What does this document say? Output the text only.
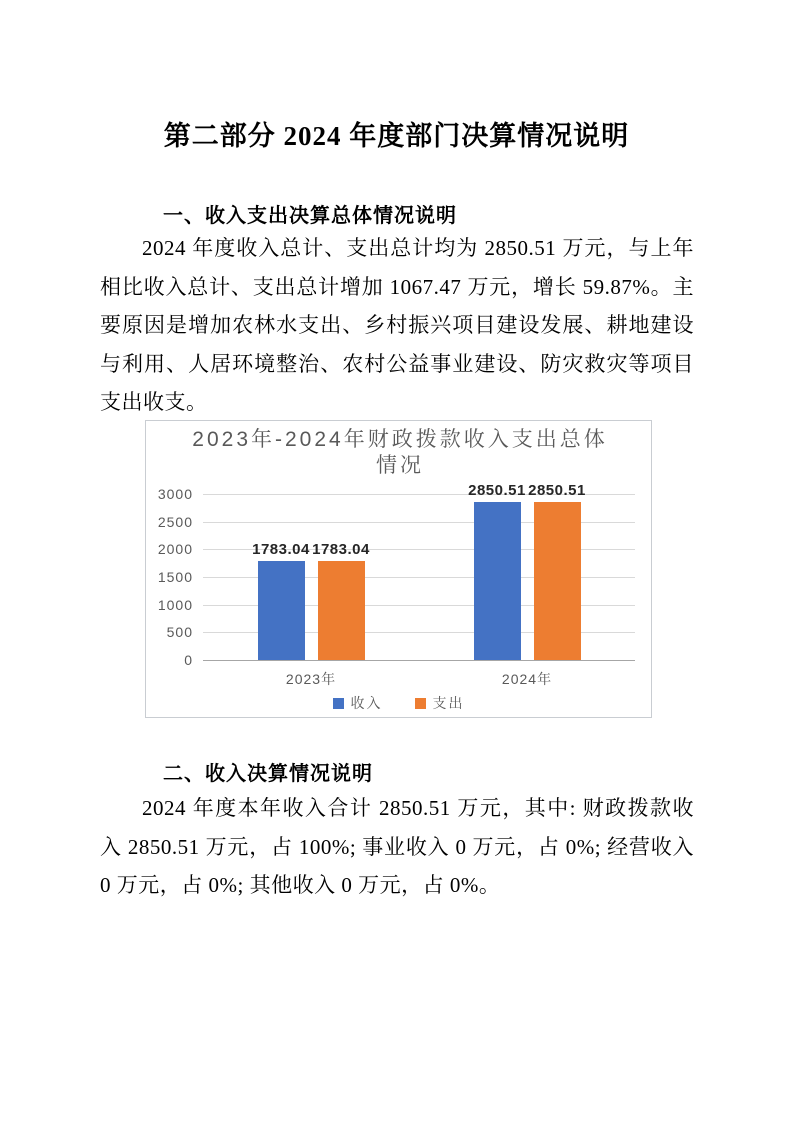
第二部分 2024 年度部门决算情况说明
一、收入支出决算总体情况说明

2024 年度收入总计、支出总计均为 2850.51 万元，与上年相比收入总计、支出总计增加 1067.47 万元，增长 59.87%。主要原因是增加农林水支出、乡村振兴项目建设发展、耕地建设与利用、人居环境整治、农村公益事业建设、防灾救灾等项目支出收支。

2023年-2024年财政拨款收入支出总体情况
0
500
1000
1500
2000
2500
3000
2023年
1783.04 1783.04
2024年
2850.51 2850.51
收入	支出
二、收入决算情况说明

2024 年度本年收入合计 2850.51 万元，其中: 财政拨款收入 2850.51 万元，占 100%; 事业收入 0 万元，占 0%; 经营收入 0 万元，占 0%; 其他收入 0 万元，占 0%。
